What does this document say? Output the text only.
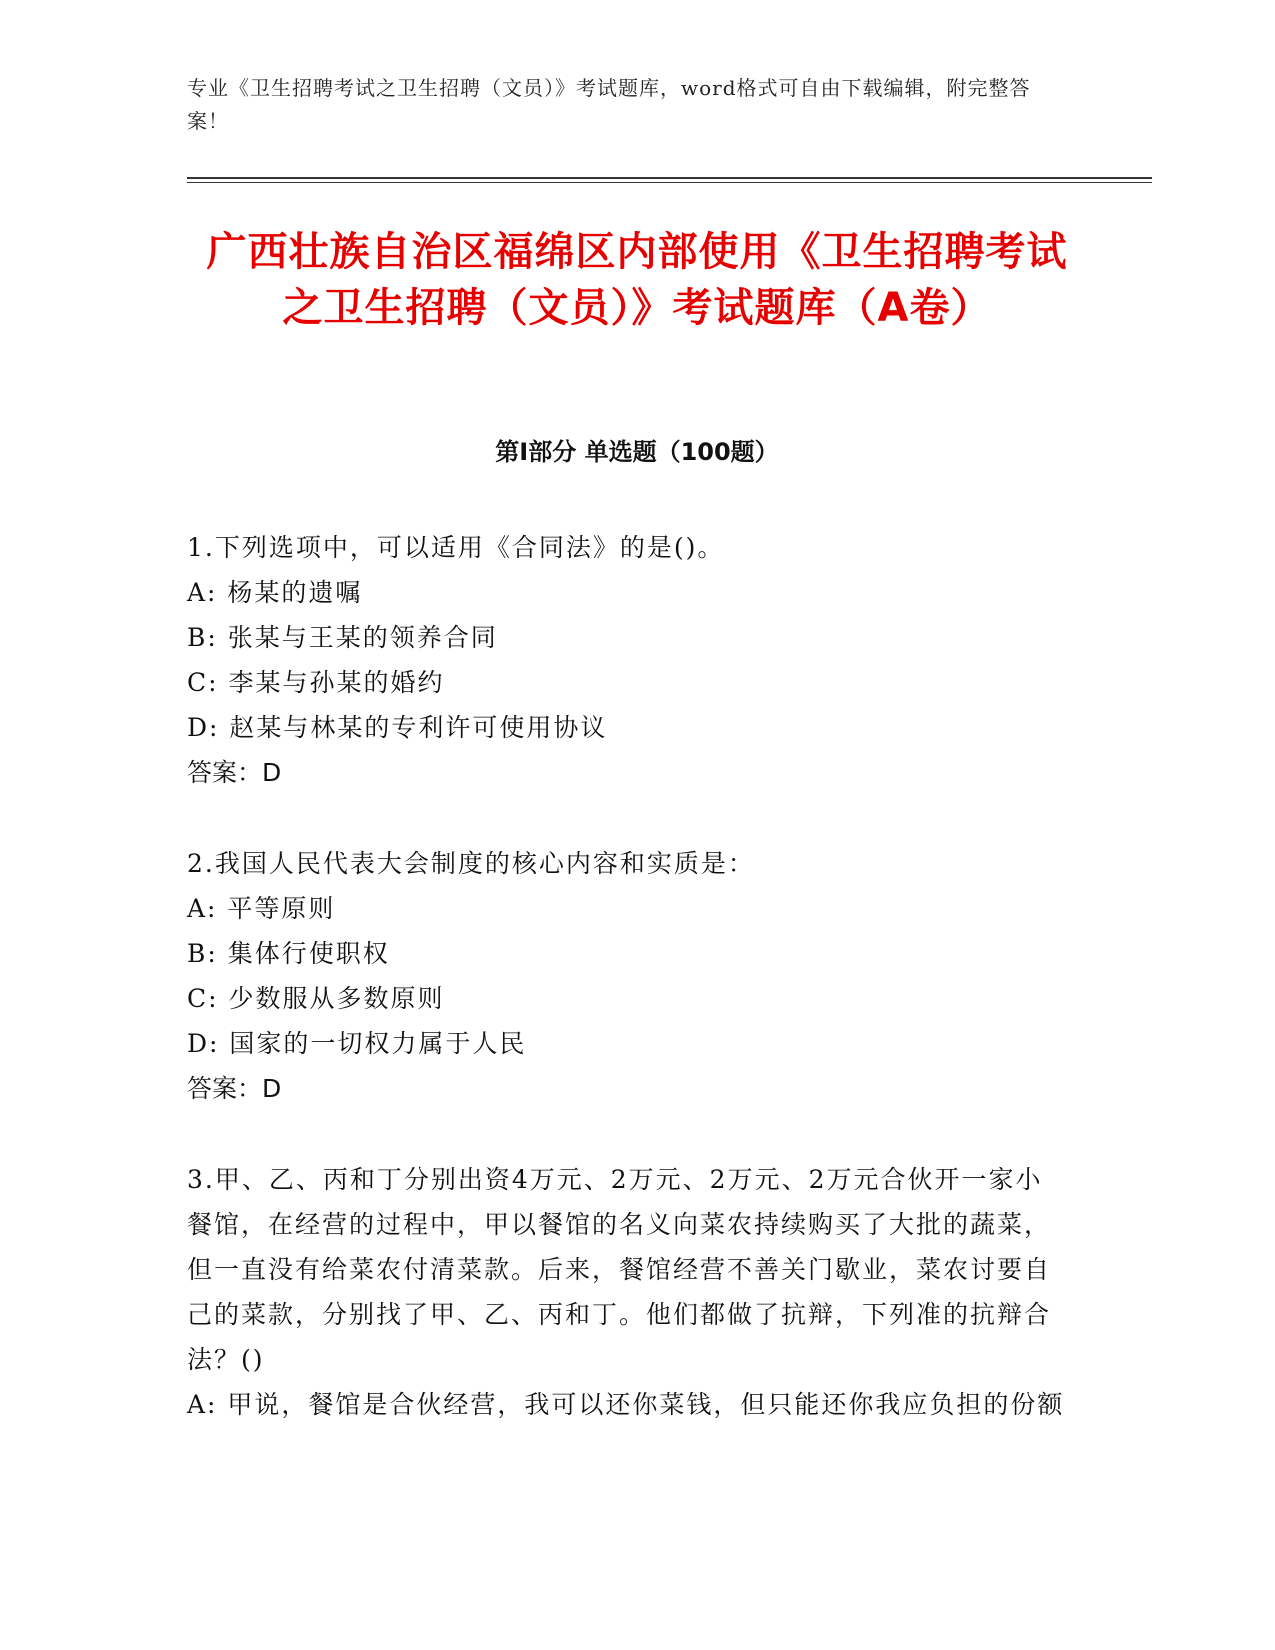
专业《卫生招聘考试之卫生招聘（文员）》考试题库，word格式可自由下载编辑，附完整答案！
广西壮族自治区福绵区内部使用《卫生招聘考试之卫生招聘（文员）》考试题库（A卷）
第Ⅰ部分 单选题（100题）
1.下列选项中，可以适用《合同法》的是()。
A: 杨某的遗嘱
B: 张某与王某的领养合同
C: 李某与孙某的婚约
D: 赵某与林某的专利许可使用协议
答案：D
2.我国人民代表大会制度的核心内容和实质是：
A: 平等原则
B: 集体行使职权
C: 少数服从多数原则
D: 国家的一切权力属于人民
答案：D
3.甲、乙、丙和丁分别出资4万元、2万元、2万元、2万元合伙开一家小餐馆，在经营的过程中，甲以餐馆的名义向菜农持续购买了大批的蔬菜，但一直没有给菜农付清菜款。后来，餐馆经营不善关门歇业，菜农讨要自己的菜款，分别找了甲、乙、丙和丁。他们都做了抗辩，下列准的抗辩合法？()
A: 甲说，餐馆是合伙经营，我可以还你菜钱，但只能还你我应负担的份额
